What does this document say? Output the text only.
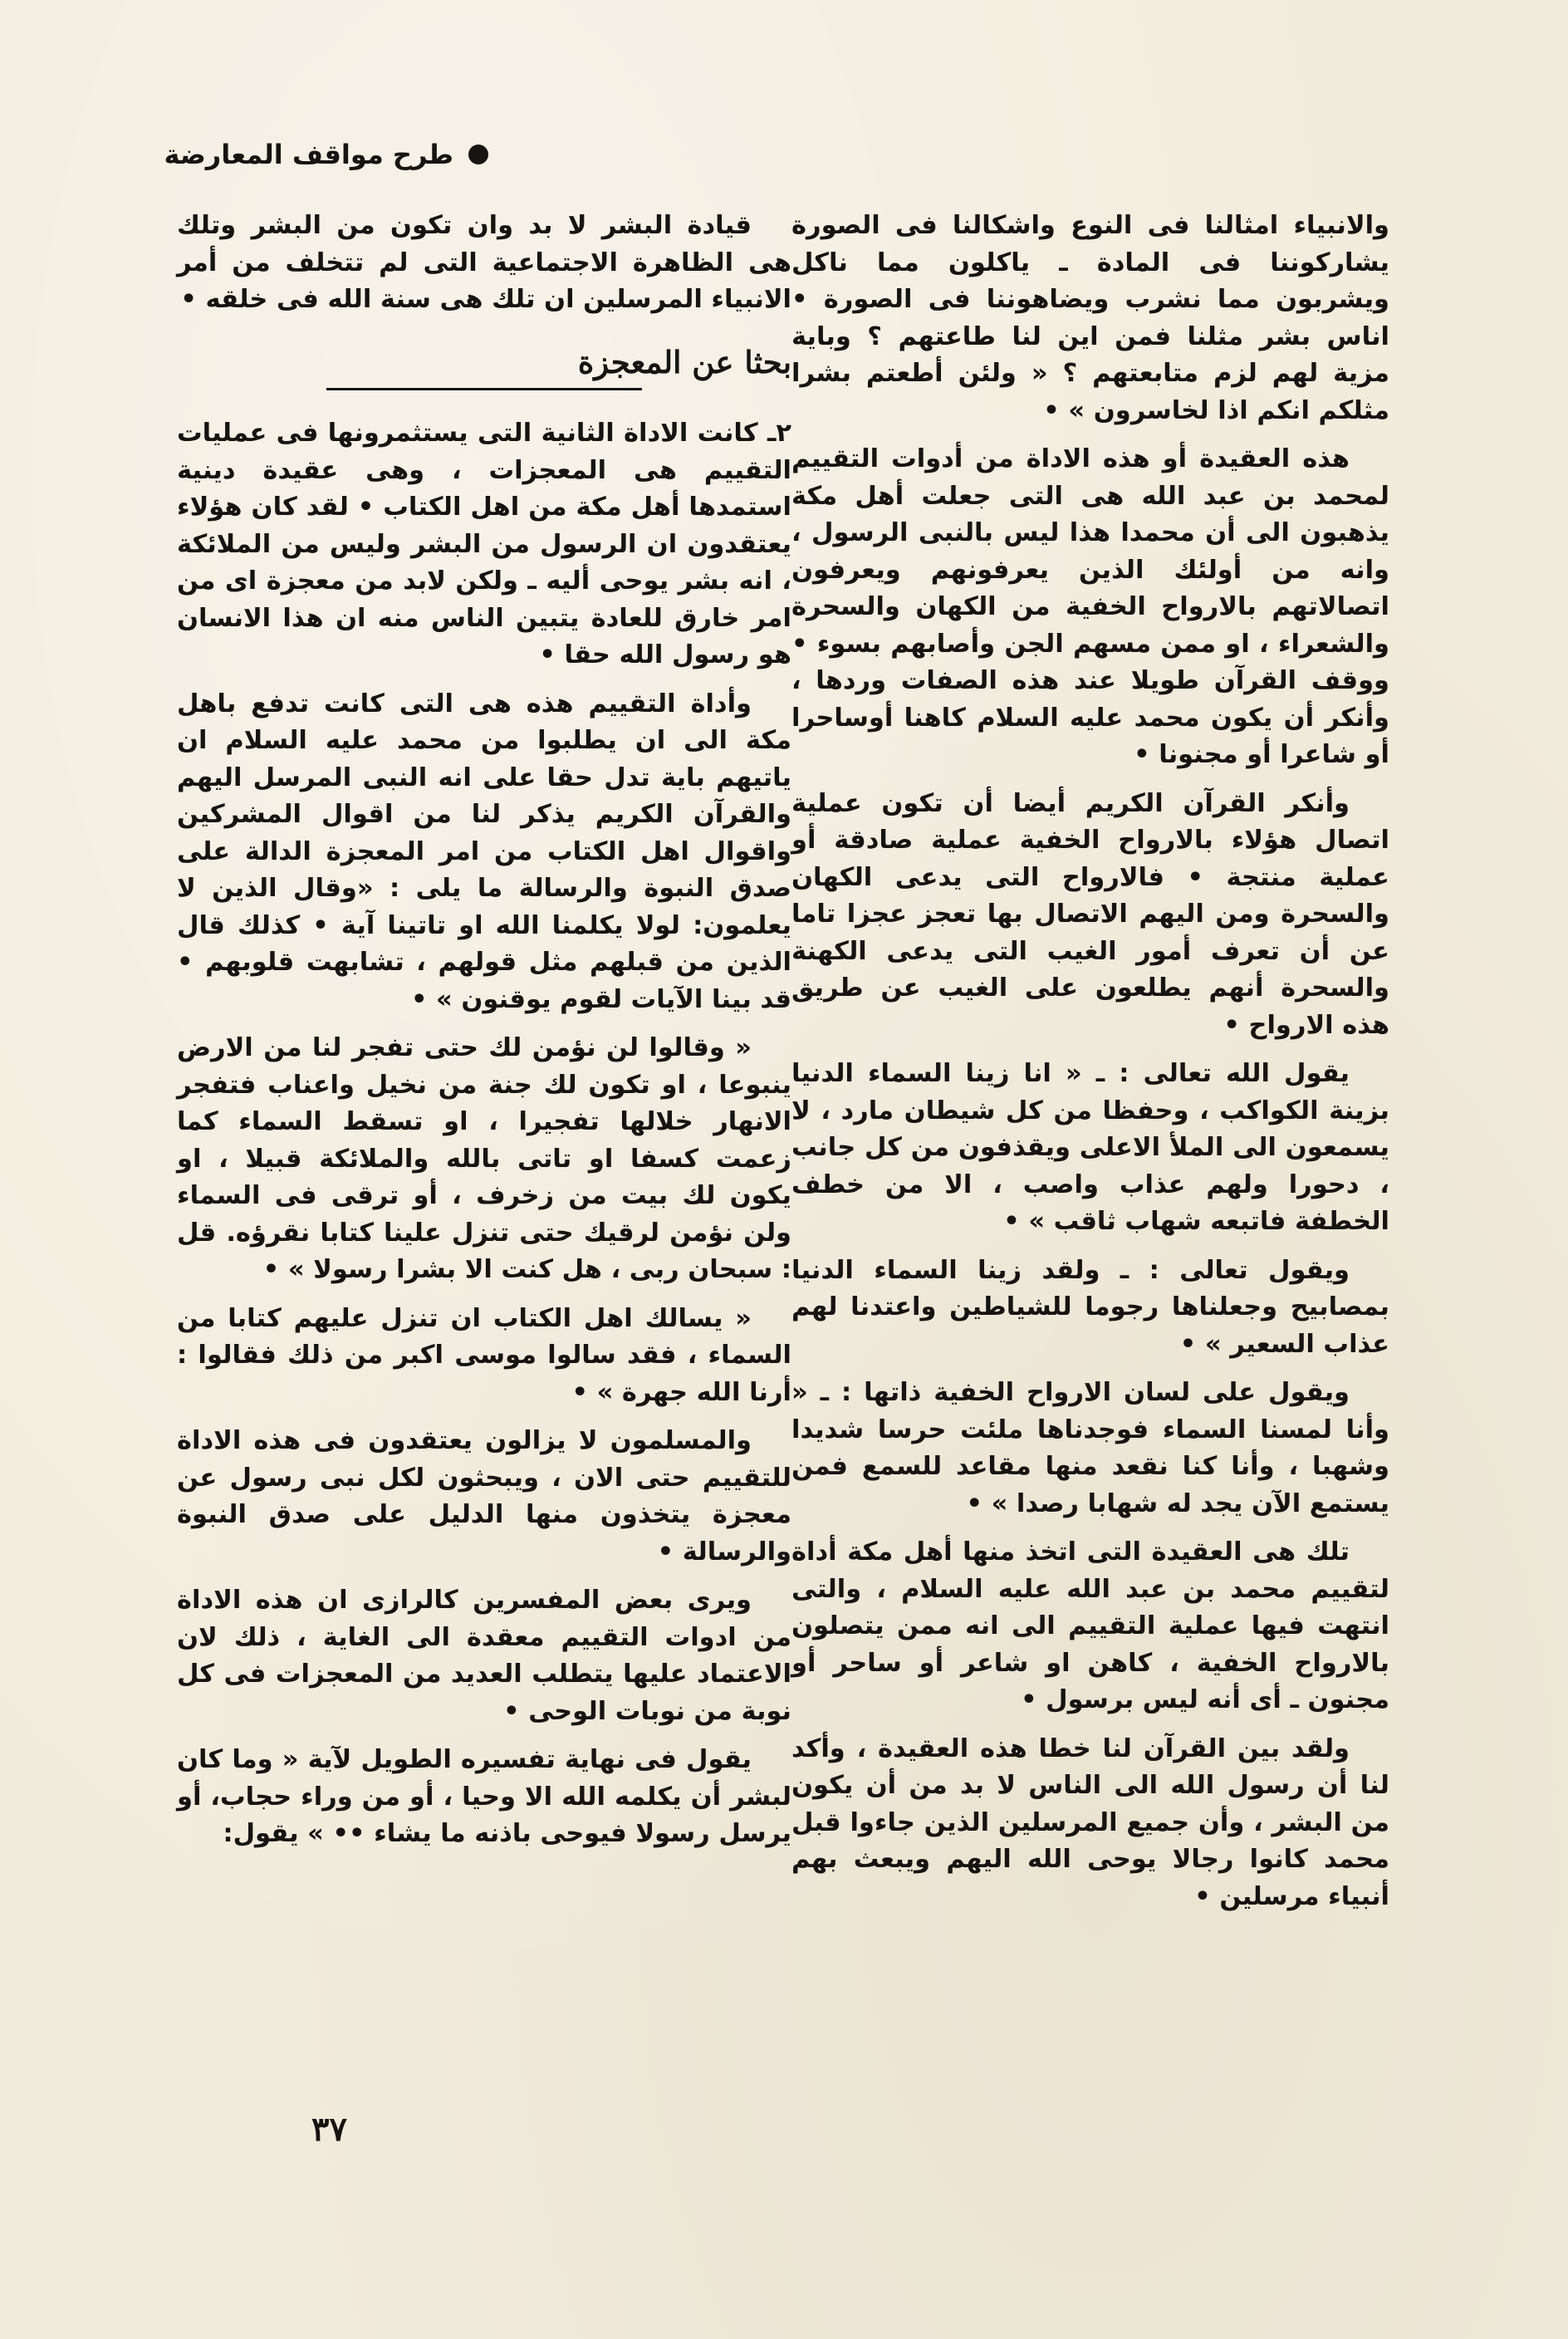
طرح مواقف المعارضة

والانبياء امثالنا فى النوع واشكالنا فى الصورة يشاركوننا فى المادة ـ ياكلون مما ناكل ويشربون مما نشرب ويضاهوننا فى الصورة • اناس بشر مثلنا فمن اين لنا طاعتهم ؟ وباية مزية لهم لزم متابعتهم ؟ « ولئن أطعتم بشرا مثلكم انكم اذا لخاسرون » •

هذه العقيدة أو هذه الاداة من أدوات التقييم لمحمد بن عبد الله هى التى جعلت أهل مكة يذهبون الى أن محمدا هذا ليس بالنبى الرسول ، وانه من أولئك الذين يعرفونهم ويعرفون اتصالاتهم بالارواح الخفية من الكهان والسحرة والشعراء ، او ممن مسهم الجن وأصابهم بسوء • ووقف القرآن طويلا عند هذه الصفات وردها ، وأنكر أن يكون محمد عليه السلام كاهنا أوساحرا أو شاعرا أو مجنونا •

وأنكر القرآن الكريم أيضا أن تكون عملية اتصال هؤلاء بالارواح الخفية عملية صادقة أو عملية منتجة • فالارواح التى يدعى الكهان والسحرة ومن اليهم الاتصال بها تعجز عجزا تاما عن أن تعرف أمور الغيب التى يدعى الكهنة والسحرة أنهم يطلعون على الغيب عن طريق هذه الارواح •

يقول الله تعالى : ـ « انا زينا السماء الدنيا بزينة الكواكب ، وحفظا من كل شيطان مارد ، لا يسمعون الى الملأ الاعلى ويقذفون من كل جانب ، دحورا ولهم عذاب واصب ، الا من خطف الخطفة فاتبعه شهاب ثاقب » •

ويقول تعالى : ـ ولقد زينا السماء الدنيا بمصابيح وجعلناها رجوما للشياطين واعتدنا لهم عذاب السعير » •

ويقول على لسان الارواح الخفية ذاتها : ـ « وأنا لمسنا السماء فوجدناها ملئت حرسا شديدا وشهبا ، وأنا كنا نقعد منها مقاعد للسمع فمن يستمع الآن يجد له شهابا رصدا » •

تلك هى العقيدة التى اتخذ منها أهل مكة أداة لتقييم محمد بن عبد الله عليه السلام ، والتى انتهت فيها عملية التقييم الى انه ممن يتصلون بالارواح الخفية ، كاهن او شاعر أو ساحر أو مجنون ـ أى أنه ليس برسول •

ولقد بين القرآن لنا خطا هذه العقيدة ، وأكد لنا أن رسول الله الى الناس لا بد من أن يكون من البشر ، وأن جميع المرسلين الذين جاءوا قبل محمد كانوا رجالا يوحى الله اليهم ويبعث بهم أنبياء مرسلين •

قيادة البشر لا بد وان تكون من البشر وتلك هى الظاهرة الاجتماعية التى لم تتخلف من أمر الانبياء المرسلين ان تلك هى سنة الله فى خلقه •

بحثا عن المعجزة

٢ـ كانت الاداة الثانية التى يستثمرونها فى عمليات التقييم هى المعجزات ، وهى عقيدة دينية استمدها أهل مكة من اهل الكتاب • لقد كان هؤلاء يعتقدون ان الرسول من البشر وليس من الملائكة ، انه بشر يوحى أليه ـ ولكن لابد من معجزة اى من امر خارق للعادة يتبين الناس منه ان هذا الانسان هو رسول الله حقا •

وأداة التقييم هذه هى التى كانت تدفع باهل مكة الى ان يطلبوا من محمد عليه السلام ان ياتيهم باية تدل حقا على انه النبى المرسل اليهم والقرآن الكريم يذكر لنا من اقوال المشركين واقوال اهل الكتاب من امر المعجزة الدالة على صدق النبوة والرسالة ما يلى : «وقال الذين لا يعلمون: لولا يكلمنا الله او تاتينا آية • كذلك قال الذين من قبلهم مثل قولهم ، تشابهت قلوبهم • قد بينا الآيات لقوم يوقنون » •

« وقالوا لن نؤمن لك حتى تفجر لنا من الارض ينبوعا ، او تكون لك جنة من نخيل واعناب فتفجر الانهار خلالها تفجيرا ، او تسقط السماء كما زعمت كسفا او تاتى بالله والملائكة قبيلا ، او يكون لك بيت من زخرف ، أو ترقى فى السماء ولن نؤمن لرقيك حتى تنزل علينا كتابا نقرؤه. قل : سبحان ربى ، هل كنت الا بشرا رسولا » •

« يسالك اهل الكتاب ان تنزل عليهم كتابا من السماء ، فقد سالوا موسى اكبر من ذلك فقالوا : أرنا الله جهرة » •

والمسلمون لا يزالون يعتقدون فى هذه الاداة للتقييم حتى الان ، ويبحثون لكل نبى رسول عن معجزة يتخذون منها الدليل على صدق النبوة والرسالة •

ويرى بعض المفسرين كالرازى ان هذه الاداة من ادوات التقييم معقدة الى الغاية ، ذلك لان الاعتماد عليها يتطلب العديد من المعجزات فى كل نوبة من نوبات الوحى •

يقول فى نهاية تفسيره الطويل لآية « وما كان لبشر أن يكلمه الله الا وحيا ، أو من وراء حجاب، أو يرسل رسولا فيوحى باذنه ما يشاء •• » يقول:

٣٧
